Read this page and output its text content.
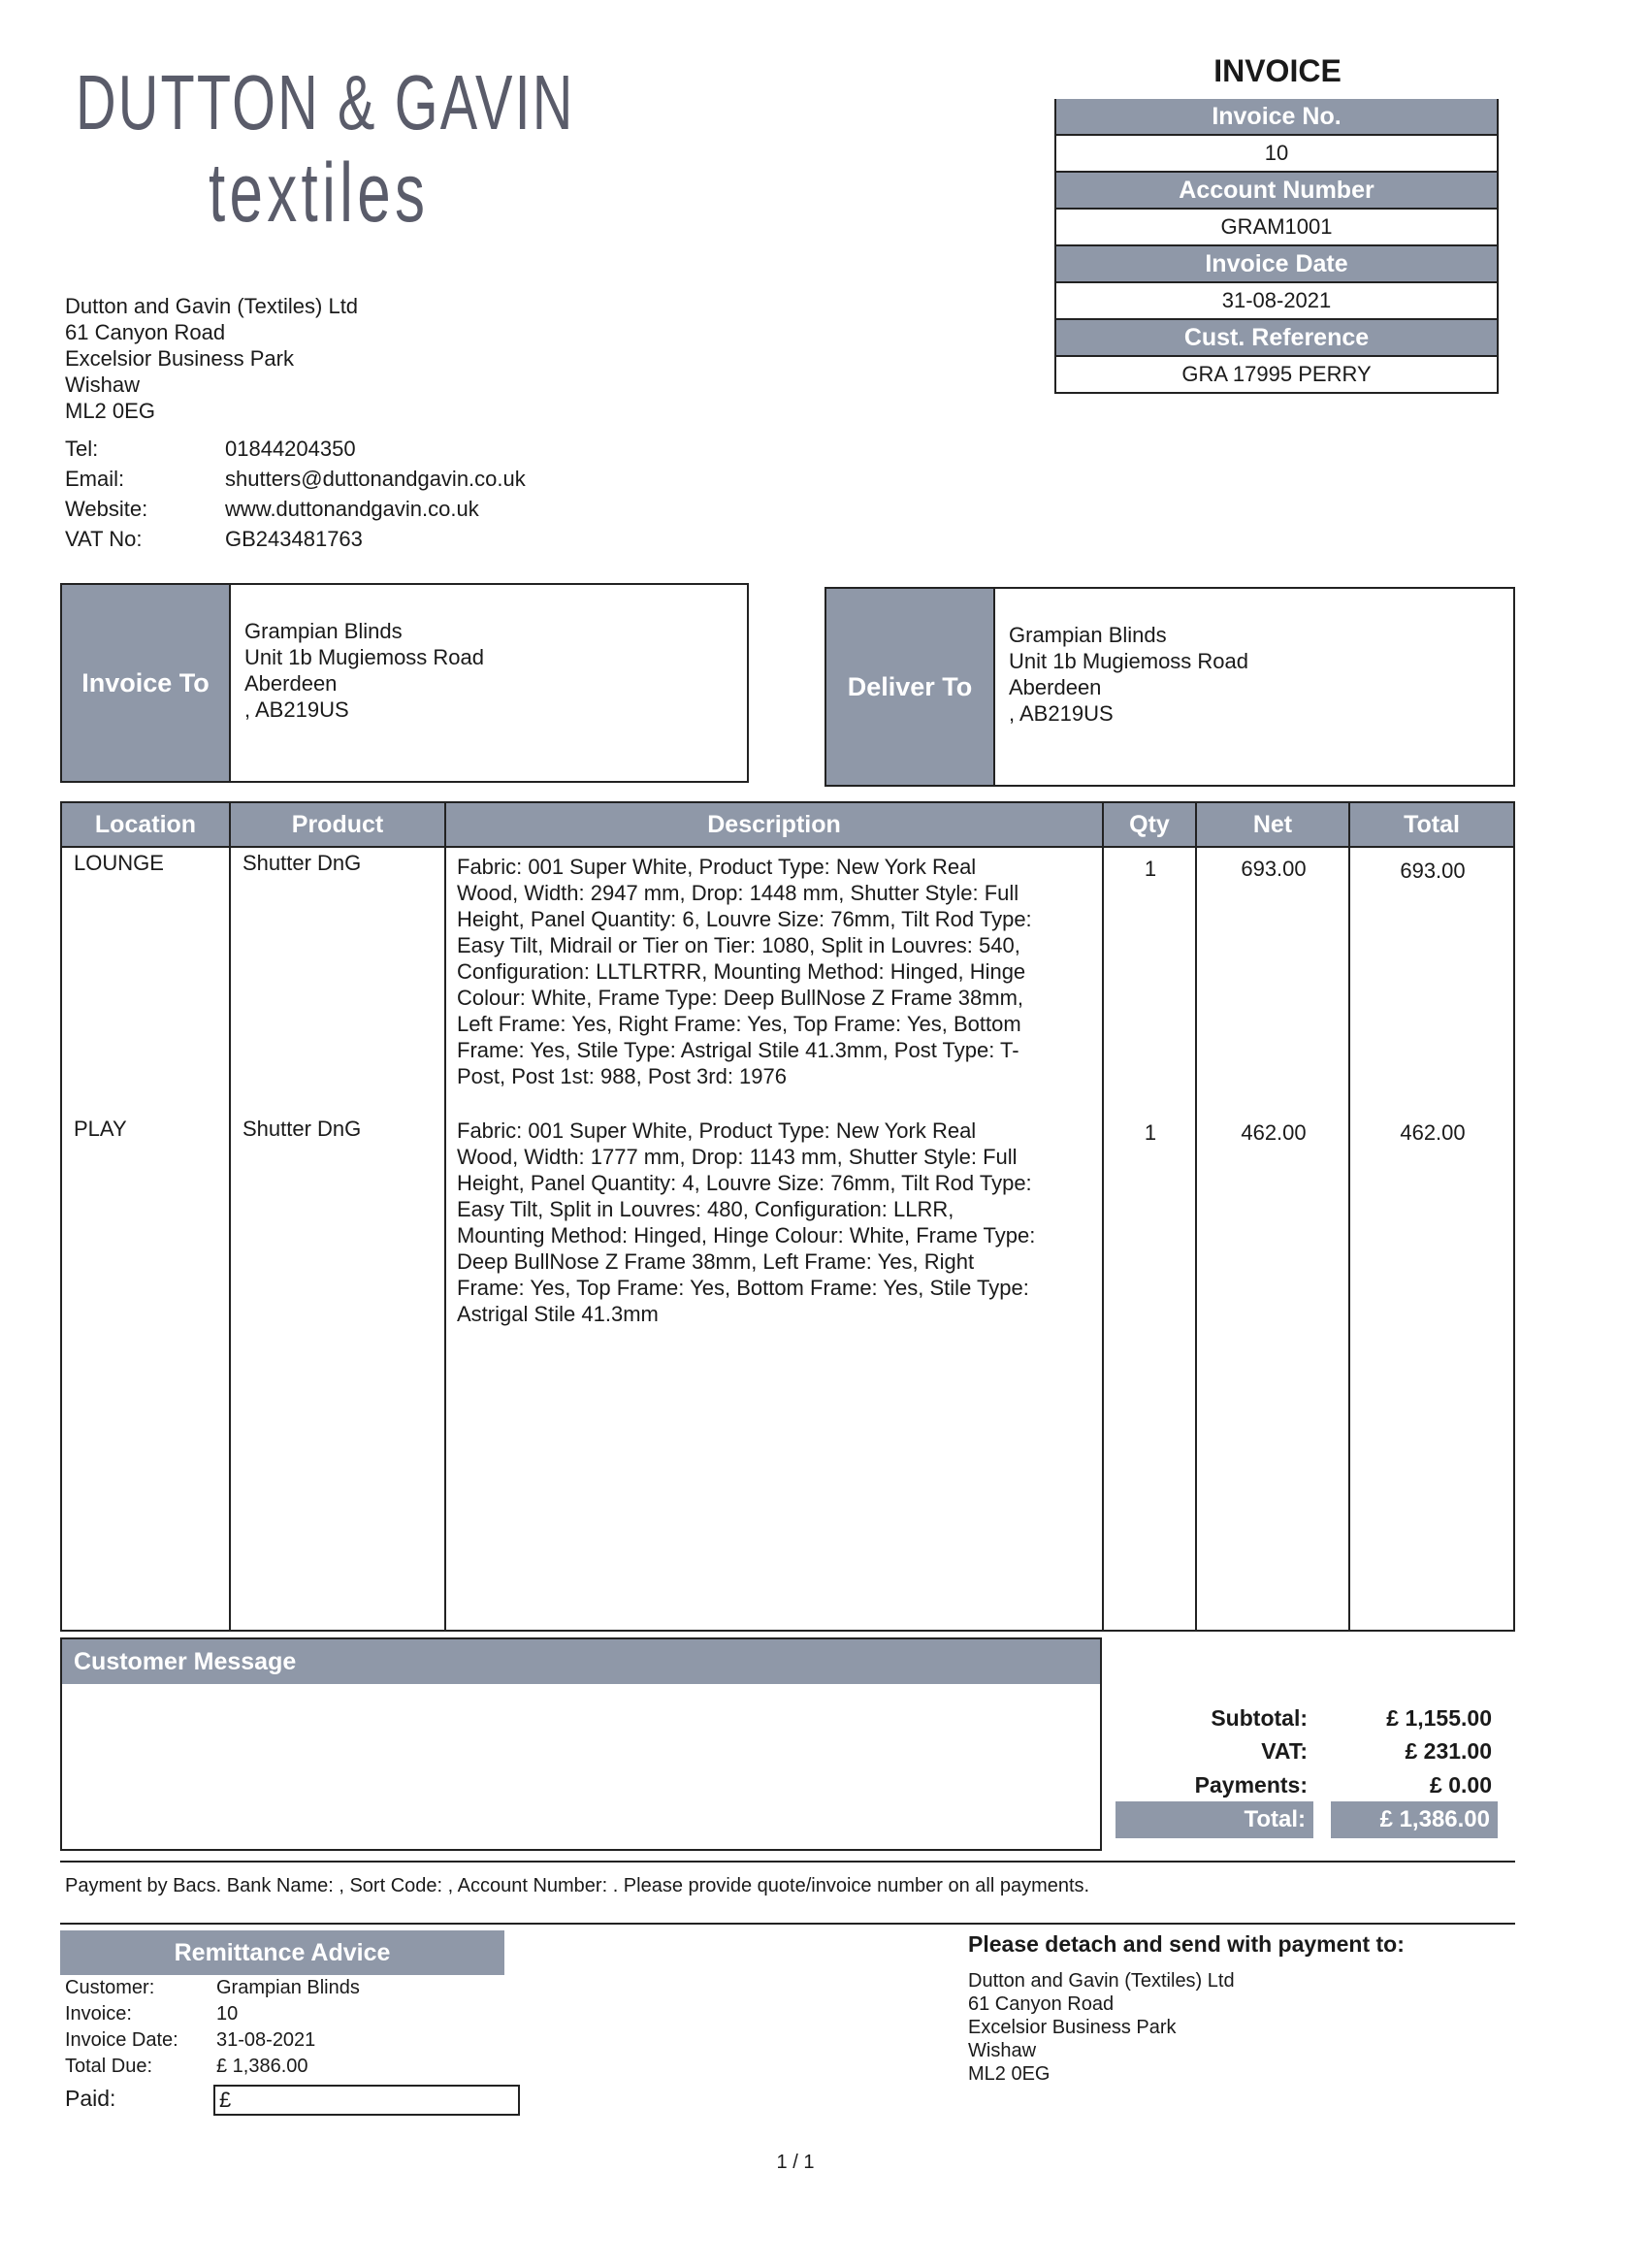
DUTTON & GAVIN
textiles
Dutton and Gavin (Textiles) Ltd
61 Canyon Road
Excelsior Business Park
Wishaw
ML2 0EG
Tel:	01844204350
Email:	shutters@duttonandgavin.co.uk
Website:	www.duttonandgavin.co.uk
VAT No:	GB243481763
INVOICE
Invoice No.
10
Account Number
GRAM1001
Invoice Date
31-08-2021
Cust. Reference
GRA 17995 PERRY
Invoice To
Grampian Blinds
Unit 1b Mugiemoss Road
Aberdeen
, AB219US
Deliver To
Grampian Blinds
Unit 1b Mugiemoss Road
Aberdeen
, AB219US
Location	Product	Description	Qty	Net	Total
LOUNGE	Shutter DnG	Fabric: 001 Super White, Product Type: New York Real
Wood, Width: 2947 mm, Drop: 1448 mm, Shutter Style: Full
Height, Panel Quantity: 6, Louvre Size: 76mm, Tilt Rod Type:
Easy Tilt, Midrail or Tier on Tier: 1080, Split in Louvres: 540,
Configuration: LLTLRTRR, Mounting Method: Hinged, Hinge
Colour: White, Frame Type: Deep BullNose Z Frame 38mm,
Left Frame: Yes, Right Frame: Yes, Top Frame: Yes, Bottom
Frame: Yes, Stile Type: Astrigal Stile 41.3mm, Post Type: T-
Post, Post 1st: 988, Post 3rd: 1976
1	693.00	693.00
PLAY	Shutter DnG	Fabric: 001 Super White, Product Type: New York Real
Wood, Width: 1777 mm, Drop: 1143 mm, Shutter Style: Full
Height, Panel Quantity: 4, Louvre Size: 76mm, Tilt Rod Type:
Easy Tilt, Split in Louvres: 480, Configuration: LLRR,
Mounting Method: Hinged, Hinge Colour: White, Frame Type:
Deep BullNose Z Frame 38mm, Left Frame: Yes, Right
Frame: Yes, Top Frame: Yes, Bottom Frame: Yes, Stile Type:
Astrigal Stile 41.3mm
1	462.00	462.00
Customer Message
Subtotal:	£ 1,155.00
VAT:	£ 231.00
Payments:	£ 0.00
Total:	£ 1,386.00
Payment by Bacs. Bank Name: , Sort Code: , Account Number: . Please provide quote/invoice number on all payments.
Remittance Advice
Customer:	Grampian Blinds
Invoice:	10
Invoice Date:	31-08-2021
Total Due:	£ 1,386.00
Paid:	£
Please detach and send with payment to:
Dutton and Gavin (Textiles) Ltd
61 Canyon Road
Excelsior Business Park
Wishaw
ML2 0EG
1 / 1
